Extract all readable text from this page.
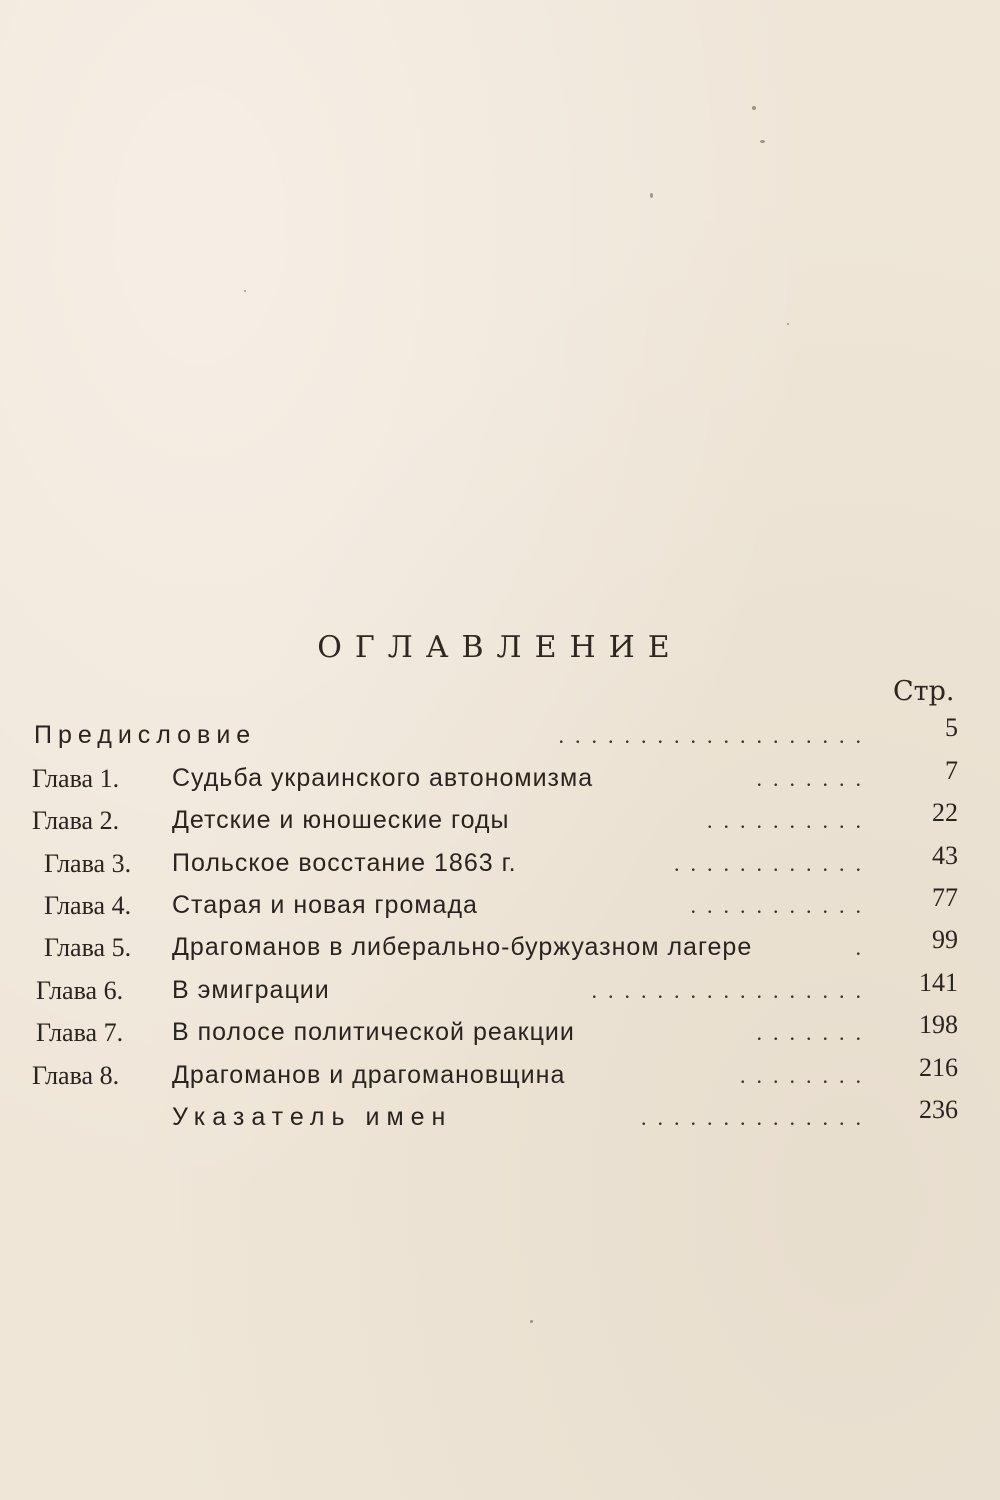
ОГЛАВЛЕНИЕ
Стр.
Предисловие	...................	5
Глава 1. Судьба украинского автономизма	.......	7
Глава 2. Детские и юношеские годы	..........	22
Глава 3. Польское восстание 1863 г.	............	43
Глава 4. Старая и новая громада	...........	77
Глава 5. Драгоманов в либерально-буржуазном лагере	.	99
Глава 6. В эмиграции	.................	141
Глава 7. В полосе политической реакции	.......	198
Глава 8. Драгоманов и драгомановщина	........	216
Указатель имен	..............	236
